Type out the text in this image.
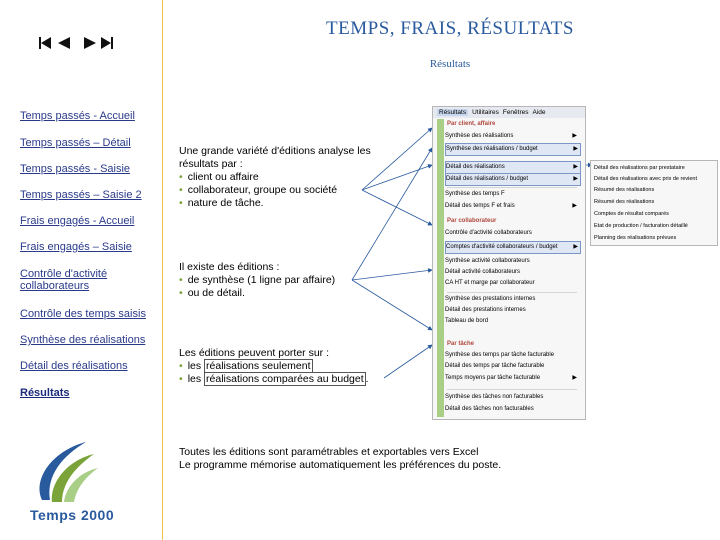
TEMPS, FRAIS, RÉSULTATS
Résultats
Temps passés - Accueil
Temps passés – Détail
Temps passés - Saisie
Temps passés – Saisie 2
Frais engagés - Accueil
Frais engagés – Saisie
Contrôle d'activité collaborateurs
Contrôle des temps saisis
Synthèse des réalisations
Détail des réalisations
Résultats
Une grande variété d'éditions analyse les résultats par :
• client ou affaire
• collaborateur, groupe ou société
• nature de tâche.
Il existe des éditions :
• de synthèse (1 ligne par affaire)
• ou de détail.
Les éditions peuvent porter sur :
• les réalisations seulement
• les réalisations comparées au budget .
Toutes les éditions sont paramétrables et exportables vers Excel
Le programme mémorise automatiquement les préférences du poste.
Résultats Utilitaires Fenêtres Aide
Par client, affaire
Synthèse des réalisations	▶
Synthèse des réalisations / budget	▶
Détail des réalisations	▶
Détail des réalisations / budget	▶
Synthèse des temps F
Détail des temps F et frais	▶
Par collaborateur
Contrôle d'activité collaborateurs
Comptes d'activité collaborateurs / budget	▶
Synthèse activité collaborateurs
Détail activité collaborateurs
CA HT et marge par collaborateur
Synthèse des prestations internes
Détail des prestations internes
Tableau de bord
Par tâche
Synthèse des temps par tâche facturable
Détail des temps par tâche facturable
Temps moyens par tâche facturable	▶
Synthèse des tâches non facturables
Détail des tâches non facturables
Détail des réalisations par prestataire
Détail des réalisations avec prix de revient
Résumé des réalisations
Résumé des réalisations
Comptes de résultat comparés
Etat de production / facturation détaillé
Planning des réalisations prévues
Temps 2000
